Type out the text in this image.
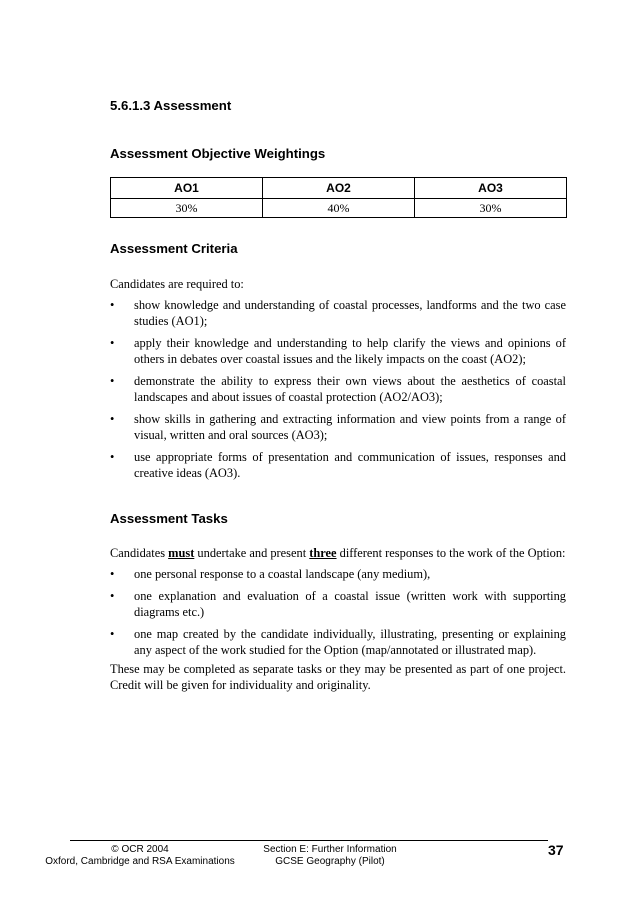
5.6.1.3 Assessment
Assessment Objective Weightings
AO1	AO2	AO3
30%	40%	30%
Assessment Criteria

Candidates are required to:

• show knowledge and understanding of coastal processes, landforms and the two case studies (AO1);
• apply their knowledge and understanding to help clarify the views and opinions of others in debates over coastal issues and the likely impacts on the coast (AO2);
• demonstrate the ability to express their own views about the aesthetics of coastal landscapes and about issues of coastal protection (AO2/AO3);
• show skills in gathering and extracting information and view points from a range of visual, written and oral sources (AO3);
• use appropriate forms of presentation and communication of issues, responses and creative ideas (AO3).
Assessment Tasks

Candidates must undertake and present three different responses to the work of the Option:

• one personal response to a coastal landscape (any medium),
• one explanation and evaluation of a coastal issue (written work with supporting diagrams etc.)
• one map created by the candidate individually, illustrating, presenting or explaining any aspect of the work studied for the Option (map/annotated or illustrated map).

These may be completed as separate tasks or they may be presented as part of one project. Credit will be given for individuality and originality.

© OCR 2004
Oxford, Cambridge and RSA Examinations
Section E: Further Information
GCSE Geography (Pilot)
37
